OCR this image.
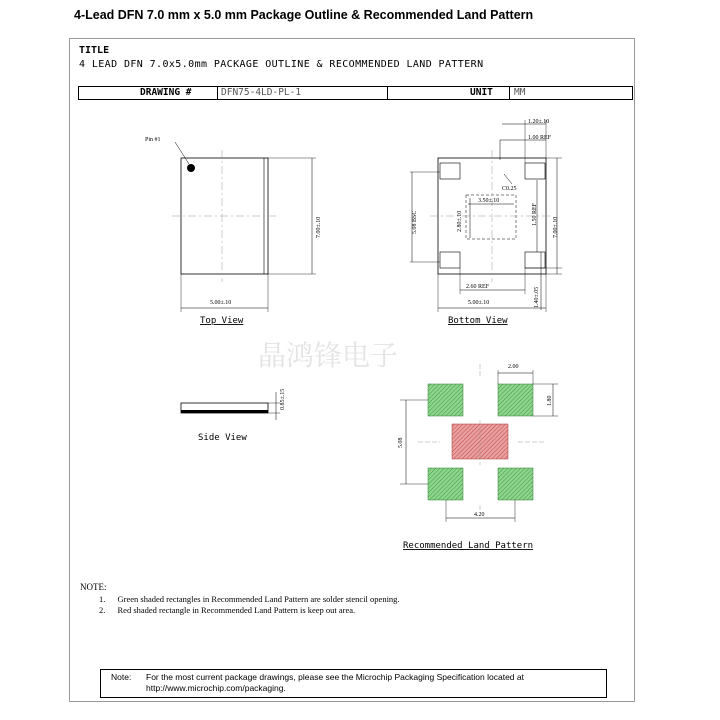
4-Lead DFN 7.0 mm x 5.0 mm Package Outline & Recommended Land Pattern
TITLE
4 LEAD DFN 7.0x5.0mm PACKAGE OUTLINE & RECOMMENDED LAND PATTERN
DRAWING #	DFN75-4LD-PL-1	UNIT MM
Pin #1
7.00±.10
5.00±.10
Top View
1.20±.10
1.00 REF
C0.25
3.50±.10
2.80±.10
5.08 BSC	1.50 REF
7.00±.10
2.60 REF
5.00±.10	1.40±.05
Bottom View
晶鸿锋电子
0.85±.15
Side View
2.00
1.80
5.08
4.20
Recommended Land Pattern
NOTE:
1. Green shaded rectangles in Recommended Land Pattern are solder stencil opening.
2. Red shaded rectangle in Recommended Land Pattern is keep out area.
Note: For the most current package drawings, please see the Microchip Packaging Specification located at http://www.microchip.com/packaging.
